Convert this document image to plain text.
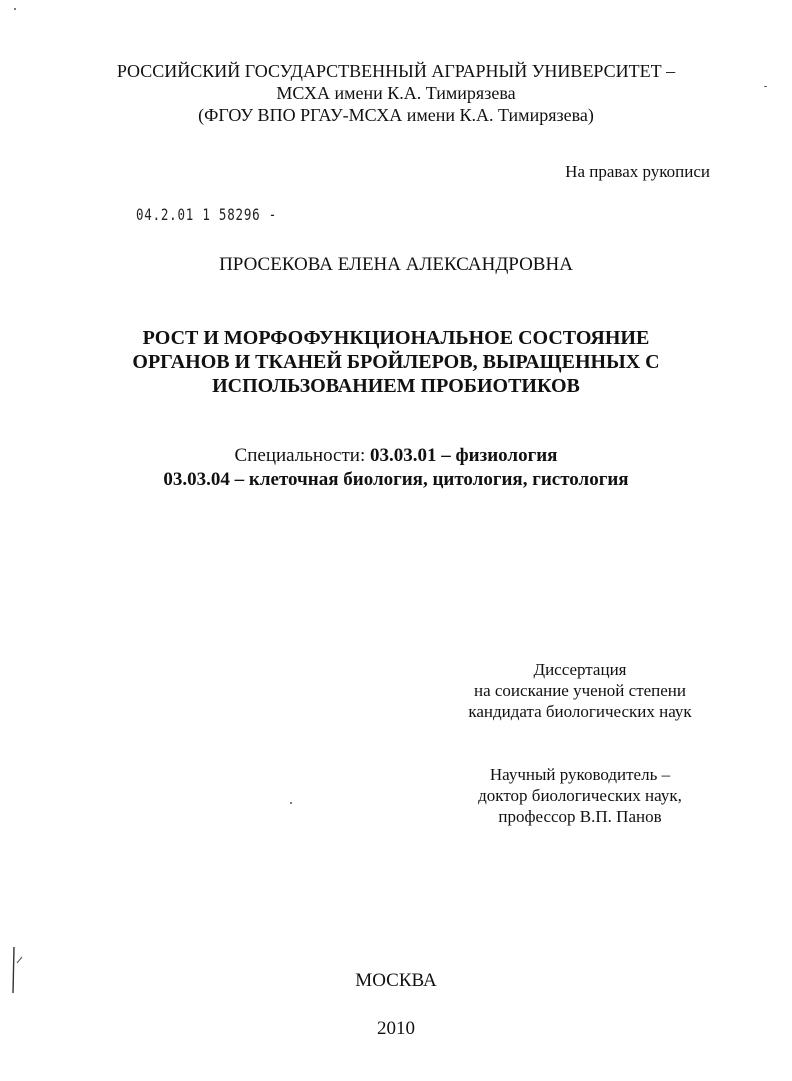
РОССИЙСКИЙ ГОСУДАРСТВЕННЫЙ АГРАРНЫЙ УНИВЕРСИТЕТ –
МСХА имени К.А. Тимирязева
(ФГОУ ВПО РГАУ-МСХА имени К.А. Тимирязева)
На правах рукописи
04.2.01 1 58296 -
ПРОСЕКОВА ЕЛЕНА АЛЕКСАНДРОВНА
РОСТ И МОРФОФУНКЦИОНАЛЬНОЕ СОСТОЯНИЕ
ОРГАНОВ И ТКАНЕЙ БРОЙЛЕРОВ, ВЫРАЩЕННЫХ С
ИСПОЛЬЗОВАНИЕМ ПРОБИОТИКОВ
Специальности: 03.03.01 – физиология
03.03.04 – клеточная биология, цитология, гистология
Диссертация
на соискание ученой степени
кандидата биологических наук
Научный руководитель –
доктор биологических наук,
профессор В.П. Панов
МОСКВА
2010
